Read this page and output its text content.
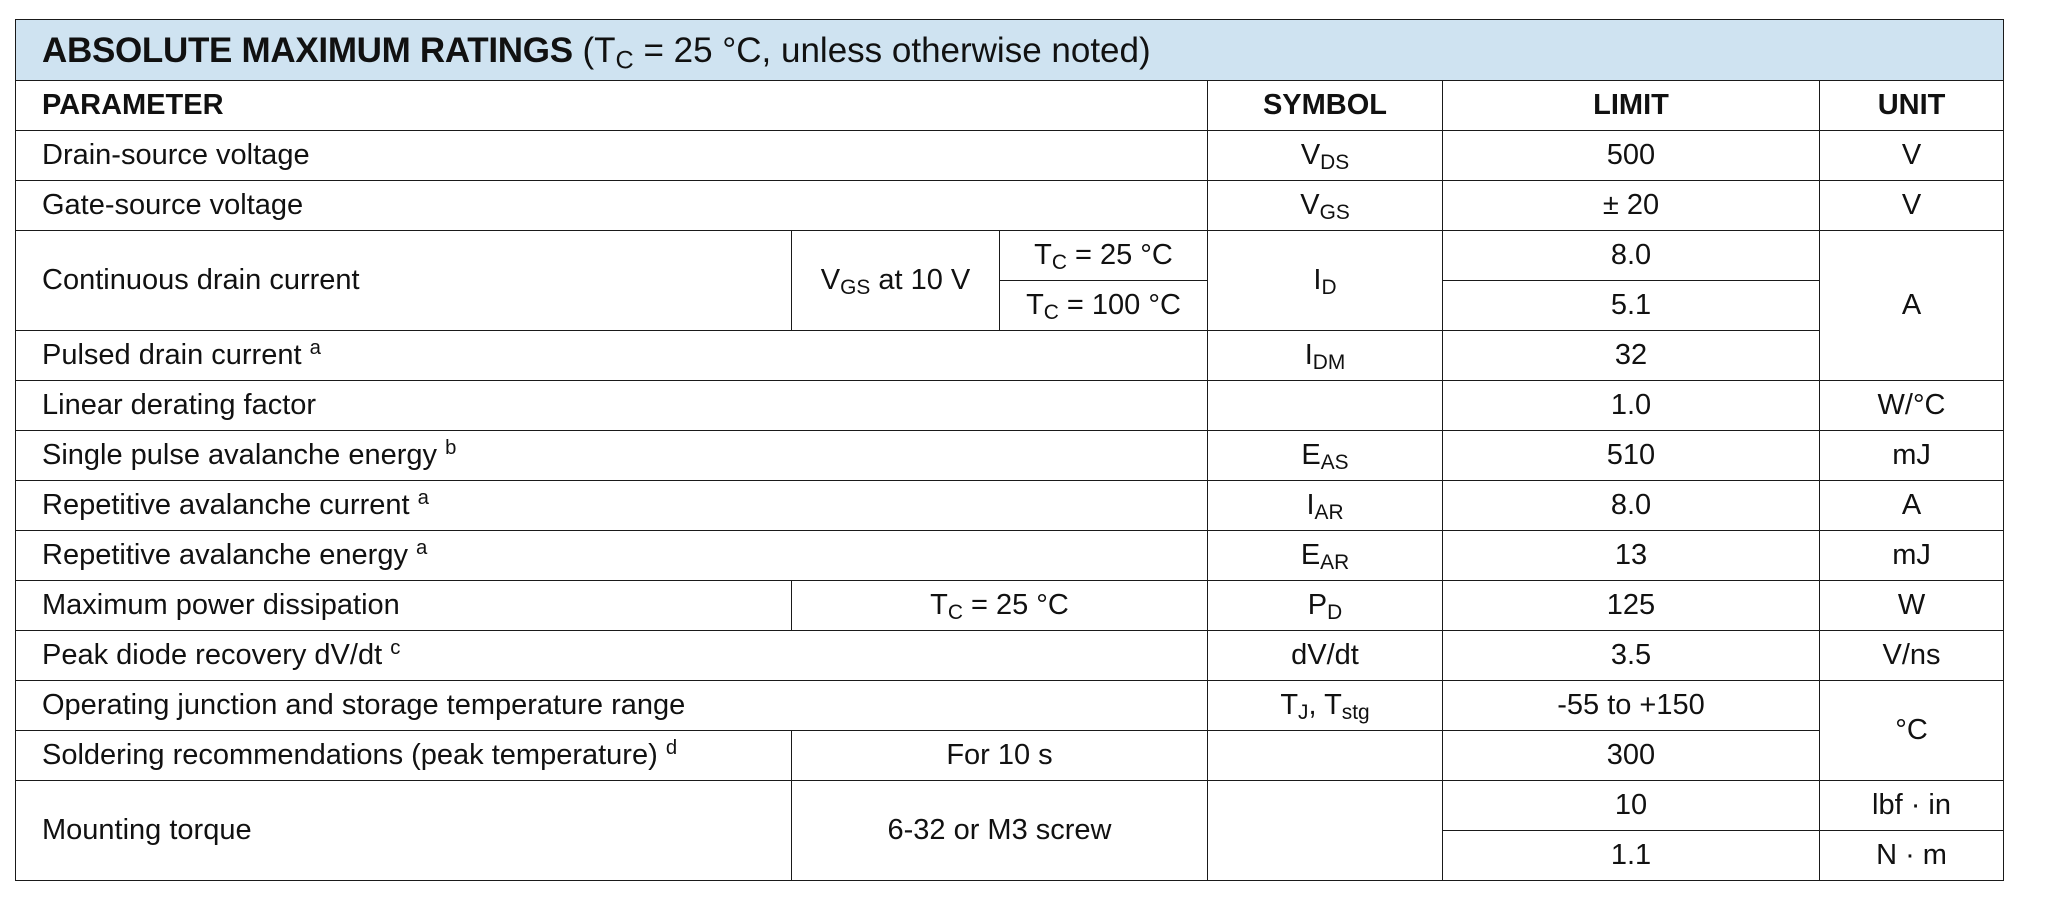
ABSOLUTE MAXIMUM RATINGS ($T_C = 25$ °C, unless otherwise noted)					
PARAMETER			SYMBOL	LIMIT	UNIT
Drain-source voltage			$V_{DS}$	500	V
Gate-source voltage			$V_{GS}$	± 20	V
Continuous drain current	$V_{GS}$ at 10 V	$T_C = 25$ °C	$I_D$	8.0	A
		$T_C = 100$ °C		5.1	
Pulsed drain current $^a$			$I_{DM}$	32	
Linear derating factor				1.0	W/°C
Single pulse avalanche energy $^b$			$E_{AS}$	510	mJ
Repetitive avalanche current $^a$			$I_{AR}$	8.0	A
Repetitive avalanche energy $^a$			$E_{AR}$	13	mJ
Maximum power dissipation	$T_C = 25$ °C		$P_D$	125	W
Peak diode recovery dV/dt $^c$			dV/dt	3.5	V/ns
Operating junction and storage temperature range			$T_J$, $T_{stg}$	-55 to +150	°C
Soldering recommendations (peak temperature) $^d$	For 10 s			300	
Mounting torque	6-32 or M3 screw			10	lbf · in
				1.1	N · m
